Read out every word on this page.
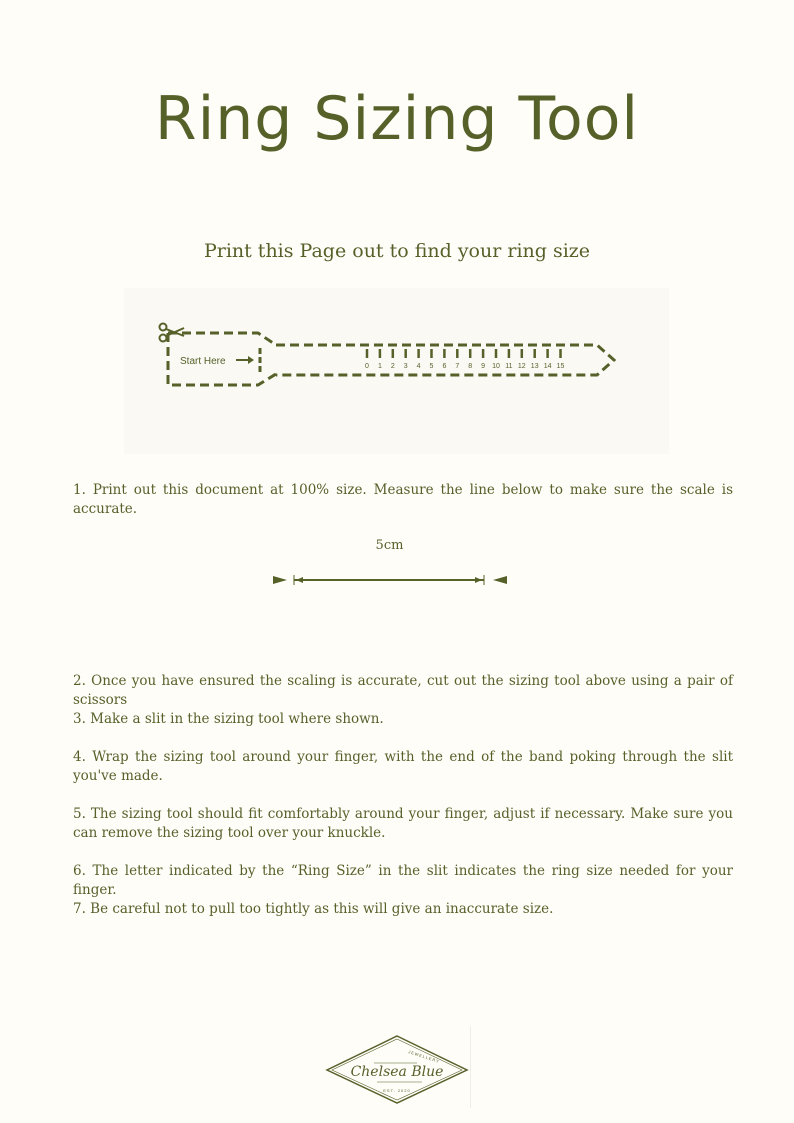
Ring Sizing Tool

Print this Page out to find your ring size

Start Here	0 1 2 3 4 5 6 7 8 9 10 11 12 13 14 15

1. Print out this document at 100% size. Measure the line below to make sure the scale is accurate.

5cm

2. Once you have ensured the scaling is accurate, cut out the sizing tool above using a pair of scissors

3. Make a slit in the sizing tool where shown.

4. Wrap the sizing tool around your finger, with the end of the band poking through the slit you've made.

5. The sizing tool should fit comfortably around your finger, adjust if necessary. Make sure you can remove the sizing tool over your knuckle.

6. The letter indicated by the “Ring Size” in the slit indicates the ring size needed for your finger.

7. Be careful not to pull too tightly as this will give an inaccurate size.

JEWELLERY
Chelsea Blue
EST. 2020
